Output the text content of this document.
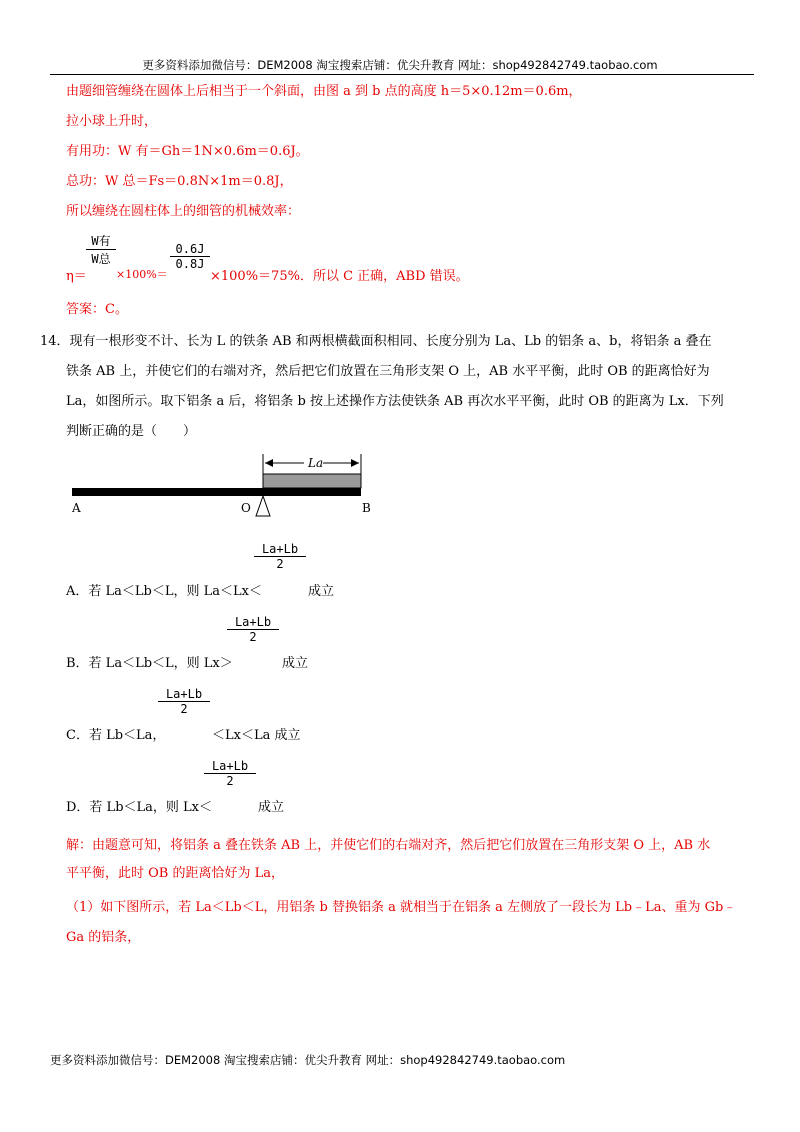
更多资料添加微信号：DEM2008 淘宝搜索店铺：优尖升教育 网址：shop492842749.taobao.com
由题细管缠绕在圆体上后相当于一个斜面，由图 a 到 b 点的高度 h＝5×0.12m＝0.6m，
拉小球上升时，
有用功：W 有＝Gh＝1N×0.6m＝0.6J。
总功：W 总＝Fs＝0.8N×1m＝0.8J，
所以缠绕在圆柱体上的细管的机械效率：
η＝
W有
W总
×100%＝
$\frac{0.6J}{0.8J}$
×100%＝75%．所以 C 正确，ABD 错误。
答案：C。
14．现有一根形变不计、长为 L 的铁条 AB 和两根横截面积相同、长度分别为 La、Lb 的铝条 a、b，将铝条 a 叠在
铁条 AB 上，并使它们的右端对齐，然后把它们放置在三角形支架 O 上，AB 水平平衡，此时 OB 的距离恰好为
La，如图所示。取下铝条 a 后，将铝条 b 按上述操作方法使铁条 AB 再次水平平衡，此时 OB 的距离为 Lx．下列
判断正确的是（　　）
La
A	O	B
$\frac{La+Lb}{2}$
A．若 La＜Lb＜L，则 La＜Lx＜	成立
$\frac{La+Lb}{2}$
B．若 La＜Lb＜L，则 Lx＞	成立
$\frac{La+Lb}{2}$
C．若 Lb＜La，	＜Lx＜La 成立
$\frac{La+Lb}{2}$
D．若 Lb＜La，则 Lx＜	成立
解：由题意可知，将铝条 a 叠在铁条 AB 上，并使它们的右端对齐，然后把它们放置在三角形支架 O 上，AB 水
平平衡，此时 OB 的距离恰好为 La，
（1）如下图所示，若 La＜Lb＜L，用铝条 b 替换铝条 a 就相当于在铝条 a 左侧放了一段长为 Lb﹣La、重为 Gb﹣
Ga 的铝条，
更多资料添加微信号：DEM2008 淘宝搜索店铺：优尖升教育 网址：shop492842749.taobao.com
